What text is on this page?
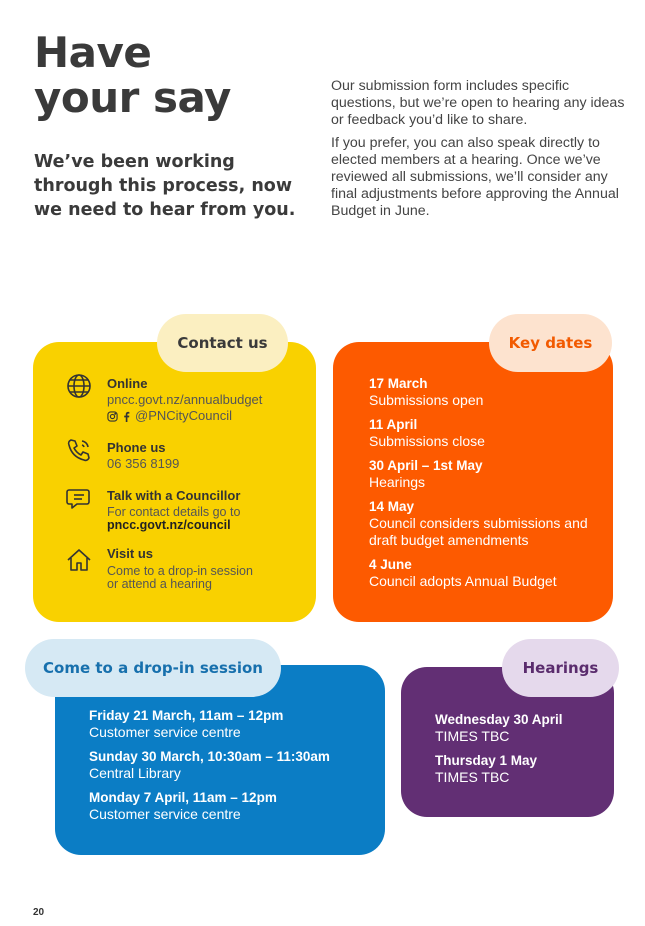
Have
your say
We’ve been working through this process, now we need to hear from you.

Our submission form includes specific questions, but we’re open to hearing any ideas or feedback you’d like to share.

If you prefer, you can also speak directly to elected members at a hearing. Once we’ve reviewed all submissions, we’ll consider any final adjustments before approving the Annual Budget in June.

Online
pncc.govt.nz/annualbudget
@PNCityCouncil
Phone us
06 356 8199
Talk with a Councillor
For contact details go to
pncc.govt.nz/council
Visit us
Come to a drop-in session
or attend a hearing
Contact us
17 March
Submissions open
11 April
Submissions close
30 April – 1st May
Hearings
14 May
Council considers submissions and draft budget amendments
4 June
Council adopts Annual Budget
Key dates
Friday 21 March, 11am – 12pm
Customer service centre
Sunday 30 March, 10:30am – 11:30am
Central Library
Monday 7 April, 11am – 12pm
Customer service centre
Come to a drop-in session
Wednesday 30 April
TIMES TBC
Thursday 1 May
TIMES TBC
Hearings
20
